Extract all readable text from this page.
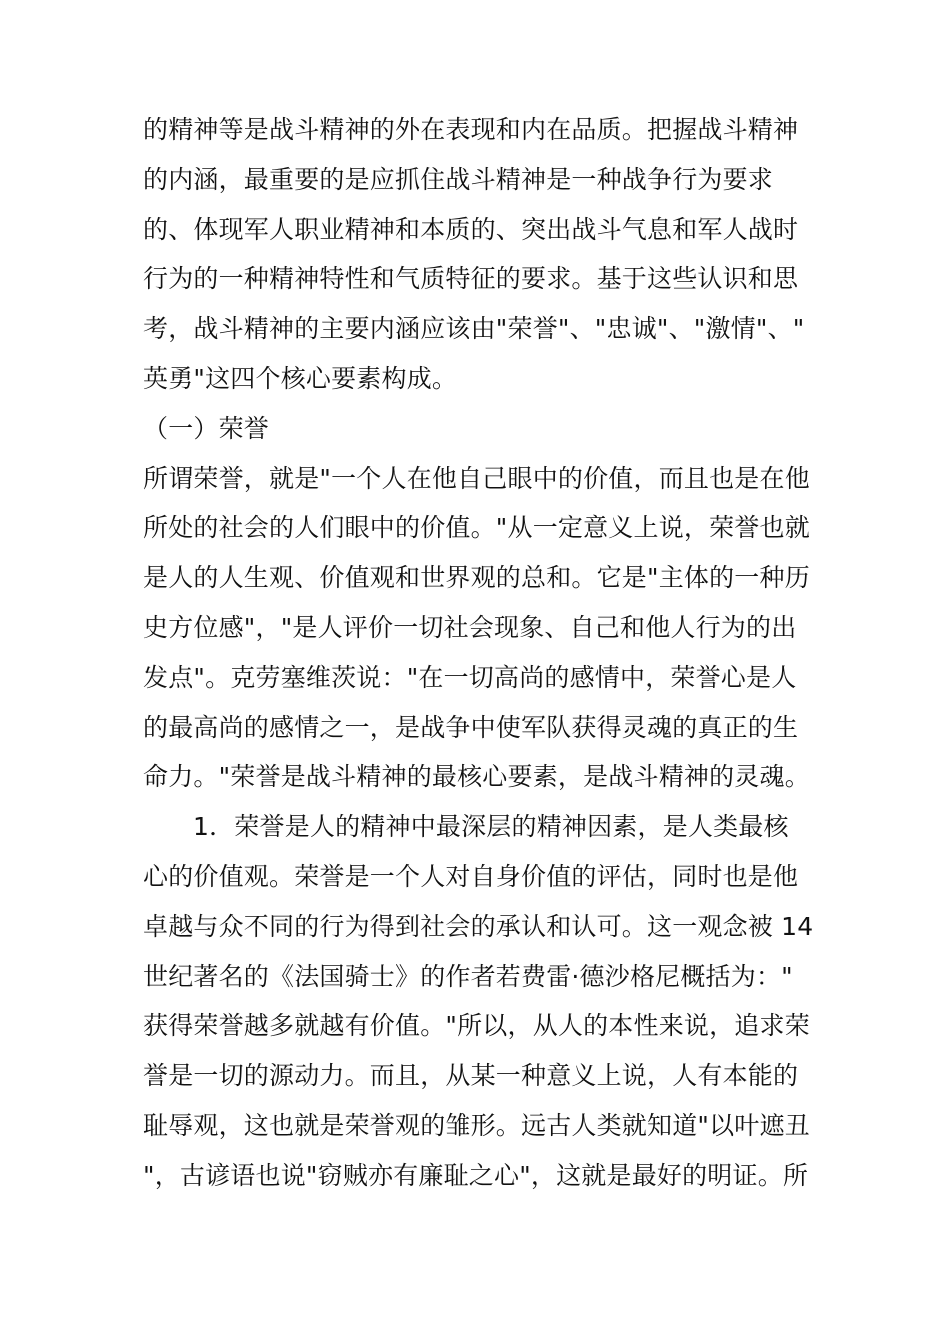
的精神等是战斗精神的外在表现和内在品质。把握战斗精神
的内涵，最重要的是应抓住战斗精神是一种战争行为要求
的、体现军人职业精神和本质的、突出战斗气息和军人战时
行为的一种精神特性和气质特征的要求。基于这些认识和思
考，战斗精神的主要内涵应该由"荣誉"、"忠诚"、"激情"、"
英勇"这四个核心要素构成。
（一）荣誉
所谓荣誉，就是"一个人在他自己眼中的价值，而且也是在他
所处的社会的人们眼中的价值。"从一定意义上说，荣誉也就
是人的人生观、价值观和世界观的总和。它是"主体的一种历
史方位感"，"是人评价一切社会现象、自己和他人行为的出
发点"。克劳塞维茨说："在一切高尚的感情中，荣誉心是人
的最高尚的感情之一，是战争中使军队获得灵魂的真正的生
命力。"荣誉是战斗精神的最核心要素，是战斗精神的灵魂。
1．荣誉是人的精神中最深层的精神因素，是人类最核
心的价值观。荣誉是一个人对自身价值的评估，同时也是他
卓越与众不同的行为得到社会的承认和认可。这一观念被 14
世纪著名的《法国骑士》的作者若费雷·德沙格尼概括为："
获得荣誉越多就越有价值。"所以，从人的本性来说，追求荣
誉是一切的源动力。而且，从某一种意义上说，人有本能的
耻辱观，这也就是荣誉观的雏形。远古人类就知道"以叶遮丑
"，古谚语也说"窃贼亦有廉耻之心"，这就是最好的明证。所
